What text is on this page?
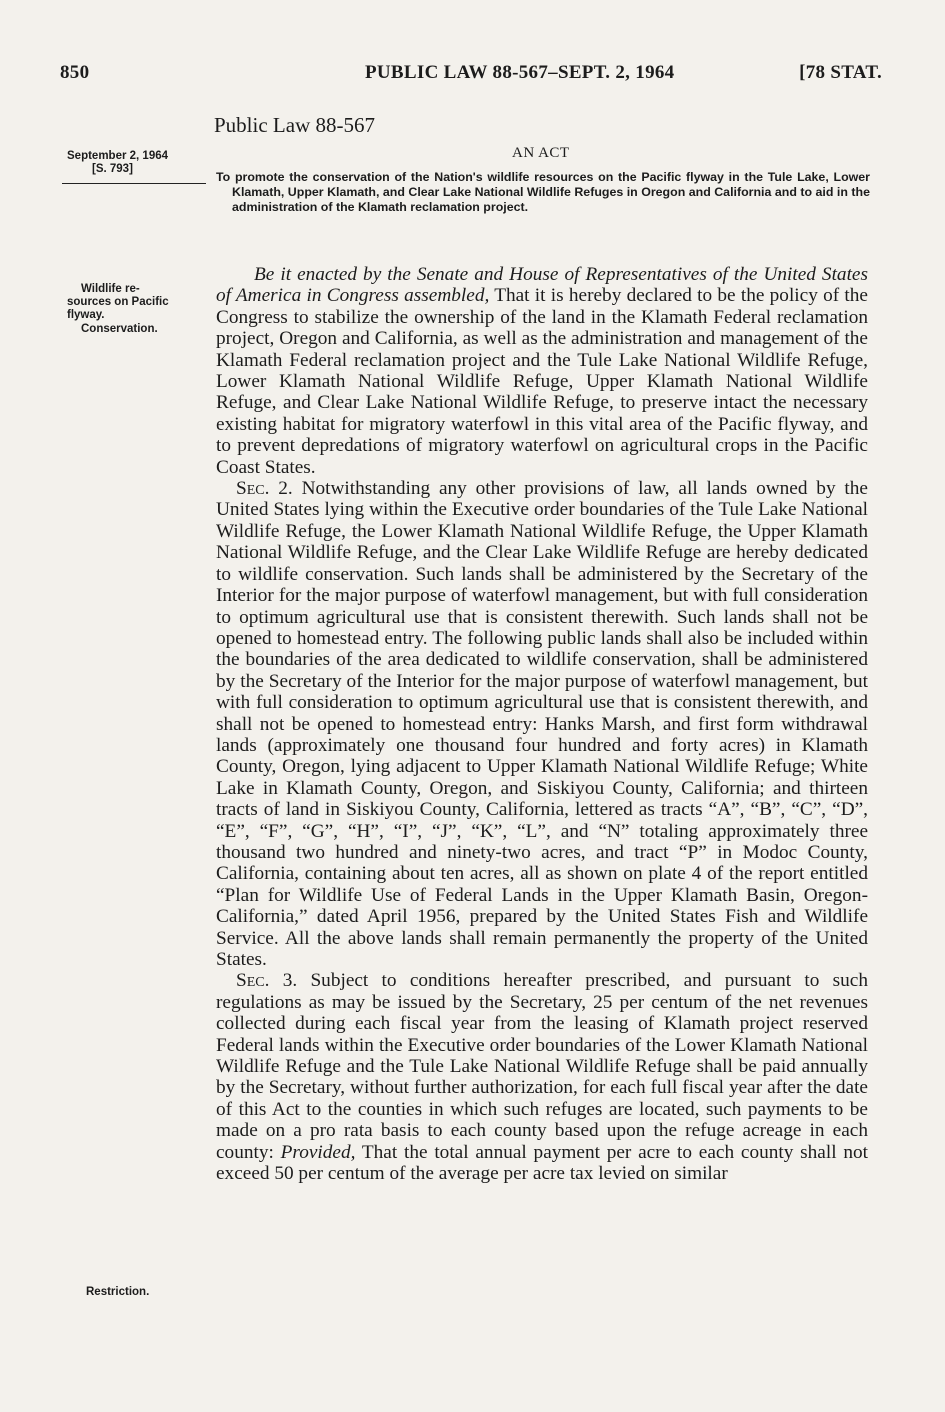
850	PUBLIC LAW 88-567–SEPT. 2, 1964	[78 STAT.
September 2, 1964
[S. 793]
Wildlife re-
sources on Pacific
flyway.
Conservation.
Restriction.
Public Law 88-567
AN ACT
To promote the conservation of the Nation's wildlife resources on the Pacific flyway in the Tule Lake, Lower Klamath, Upper Klamath, and Clear Lake National Wildlife Refuges in Oregon and California and to aid in the administration of the Klamath reclamation project.

Be it enacted by the Senate and House of Representatives of the United States of America in Congress assembled, That it is hereby declared to be the policy of the Congress to stabilize the ownership of the land in the Klamath Federal reclamation project, Oregon and California, as well as the administration and management of the Klamath Federal reclamation project and the Tule Lake National Wildlife Refuge, Lower Klamath National Wildlife Refuge, Upper Klamath National Wildlife Refuge, and Clear Lake National Wildlife Refuge, to preserve intact the necessary existing habitat for migratory waterfowl in this vital area of the Pacific flyway, and to prevent depredations of migratory waterfowl on agricultural crops in the Pacific Coast States.

Sec. 2. Notwithstanding any other provisions of law, all lands owned by the United States lying within the Executive order boundaries of the Tule Lake National Wildlife Refuge, the Lower Klamath National Wildlife Refuge, the Upper Klamath National Wildlife Refuge, and the Clear Lake Wildlife Refuge are hereby dedicated to wildlife conservation. Such lands shall be administered by the Secretary of the Interior for the major purpose of waterfowl management, but with full consideration to optimum agricultural use that is consistent therewith. Such lands shall not be opened to homestead entry. The following public lands shall also be included within the boundaries of the area dedicated to wildlife conservation, shall be administered by the Secretary of the Interior for the major purpose of waterfowl management, but with full consideration to optimum agricultural use that is consistent therewith, and shall not be opened to homestead entry: Hanks Marsh, and first form withdrawal lands (approximately one thousand four hundred and forty acres) in Klamath County, Oregon, lying adjacent to Upper Klamath National Wildlife Refuge; White Lake in Klamath County, Oregon, and Siskiyou County, California; and thirteen tracts of land in Siskiyou County, California, lettered as tracts “A”, “B”, “C”, “D”, “E”, “F”, “G”, “H”, “I”, “J”, “K”, “L”, and “N” totaling approximately three thousand two hundred and ninety-two acres, and tract “P” in Modoc County, California, containing about ten acres, all as shown on plate 4 of the report entitled “Plan for Wildlife Use of Federal Lands in the Upper Klamath Basin, Oregon-California,” dated April 1956, prepared by the United States Fish and Wildlife Service. All the above lands shall remain permanently the property of the United States.

Sec. 3. Subject to conditions hereafter prescribed, and pursuant to such regulations as may be issued by the Secretary, 25 per centum of the net revenues collected during each fiscal year from the leasing of Klamath project reserved Federal lands within the Executive order boundaries of the Lower Klamath National Wildlife Refuge and the Tule Lake National Wildlife Refuge shall be paid annually by the Secretary, without further authorization, for each full fiscal year after the date of this Act to the counties in which such refuges are located, such payments to be made on a pro rata basis to each county based upon the refuge acreage in each county: Provided, That the total annual payment per acre to each county shall not exceed 50 per centum of the average per acre tax levied on similar
